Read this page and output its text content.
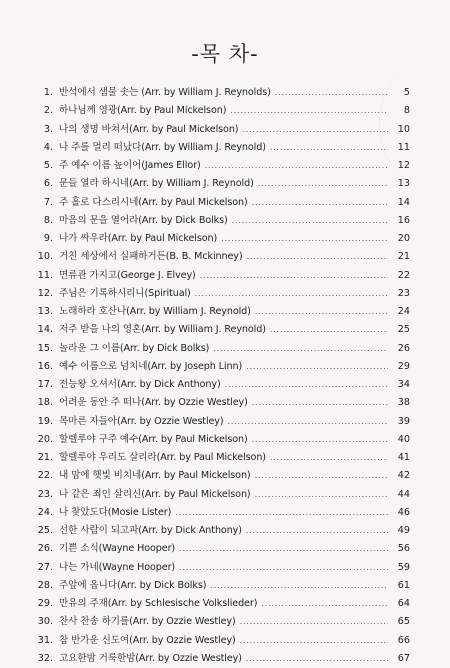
-목 차-
1. 반석에서 샘물 솟는 (Arr. by William J. Reynolds) .....	5
2. 하나님께 영광(Arr. by Paul Mickelson) .....	8
3. 나의 생명 바쳐서(Arr. by Paul Mickelson) .....	10
4. 나 주를 멀리 떠났다(Arr. by William J. Reynold) .....	11
5. 주 예수 이름 높이어(James Ellor) .....	12
6. 문들 열라 하시네(Arr. by William J. Reynold) .....	13
7. 주 홀로 다스리시네(Arr. by Paul Mickelson) .....	14
8. 마음의 문을 열어라(Arr. by Dick Bolks) .....	16
9. 나가 싸우라(Arr. by Paul Mickelson) .....	20
10. 거친 세상에서 실패하거든(B. B. Mckinney) .....	21
11. 면류관 가지고(George J. Elvey) .....	22
12. 주님은 기록하시리니(Spiritual) .....	23
13. 노래하라 호산나(Arr. by William J. Reynold) .....	24
14. 저주 받을 나의 영혼(Arr. by William J. Reynold) .....	25
15. 놀라운 그 이름(Arr. by Dick Bolks) .....	26
16. 예수 이름으로 넘치네(Arr. by Joseph Linn) .....	29
17. 전능왕 오셔서(Arr. by Dick Anthony) .....	34
18. 어려운 동안 주 떠나(Arr. by Ozzie Westley) .....	38
19. 목마른 자들아(Arr. by Ozzie Westley) .....	39
20. 할렐루야 구주 예수(Arr. by Paul Mickelson) .....	40
21. 할렐루야 우리도 살리라(Arr. by Paul Mickelson) .....	41
22. 내 맘에 햇빛 비치네(Arr. by Paul Mickelson) .....	42
23. 나 같은 죄인 살리신(Arr. by Paul Mickelson) .....	44
24. 나 찾았도다(Mosie Lister) .....	46
25. 선한 사람이 되고파(Arr. by Dick Anthony) .....	49
26. 기쁜 소식(Wayne Hooper) .....	56
27. 나는 가네(Wayne Hooper) .....	59
28. 주앞에 옵니다(Arr. by Dick Bolks) .....	61
29. 만유의 주재(Arr. by Schlesische Volkslieder) .....	64
30. 찬사 찬송 하기를(Arr. by Ozzie Westley) .....	65
31. 참 반가운 신도여(Arr. by Ozzie Westley) .....	66
32. 고요한밤 거룩한밤(Arr. by Ozzie Westley) .....	67
